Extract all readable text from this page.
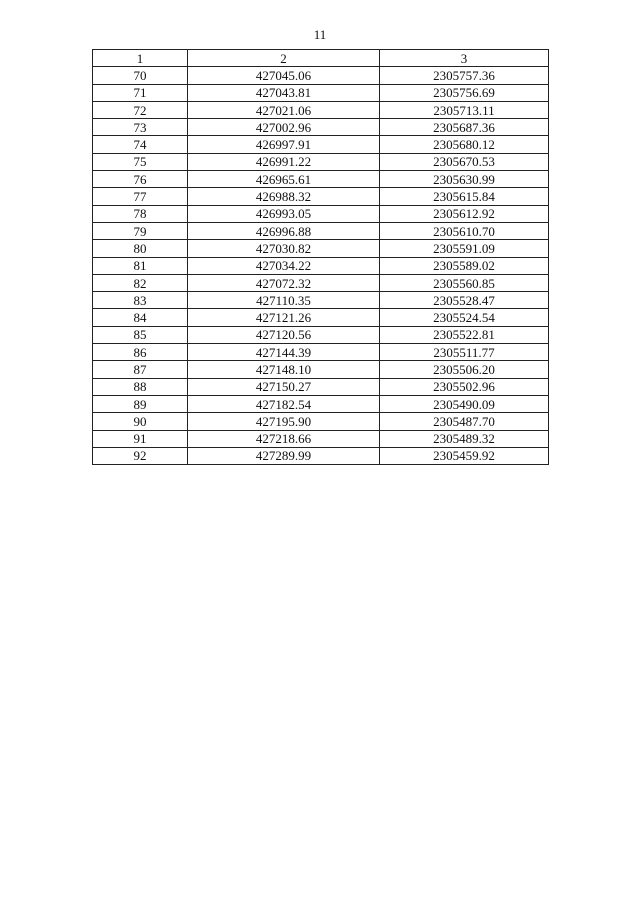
11
1	2	3
70	427045.06	2305757.36
71	427043.81	2305756.69
72	427021.06	2305713.11
73	427002.96	2305687.36
74	426997.91	2305680.12
75	426991.22	2305670.53
76	426965.61	2305630.99
77	426988.32	2305615.84
78	426993.05	2305612.92
79	426996.88	2305610.70
80	427030.82	2305591.09
81	427034.22	2305589.02
82	427072.32	2305560.85
83	427110.35	2305528.47
84	427121.26	2305524.54
85	427120.56	2305522.81
86	427144.39	2305511.77
87	427148.10	2305506.20
88	427150.27	2305502.96
89	427182.54	2305490.09
90	427195.90	2305487.70
91	427218.66	2305489.32
92	427289.99	2305459.92
